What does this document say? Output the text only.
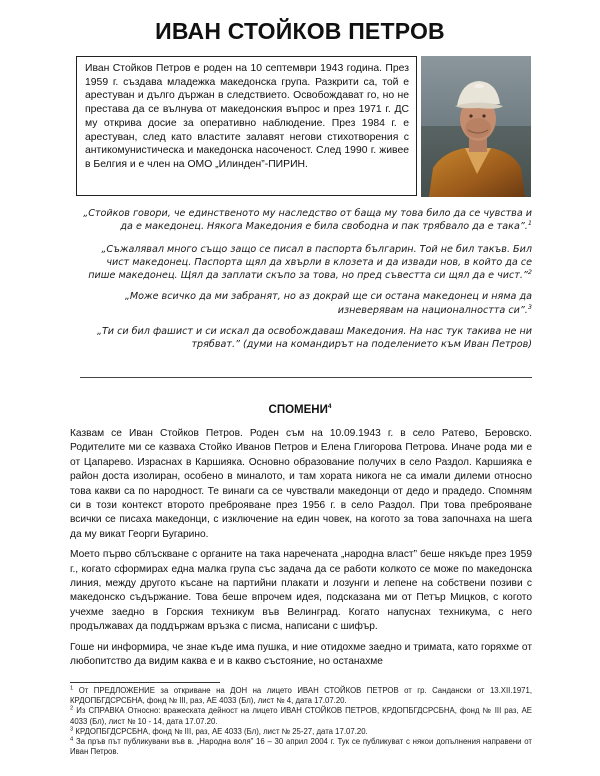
ИВАН СТОЙКОВ ПЕТРОВ
Иван Стойков Петров е роден на 10 септември 1943 година. През 1959 г. създава младежка македонска група. Разкрити са, той е арестуван и дълго държан в следствието. Освобождават го, но не престава да се вълнува от македонския въпрос и през 1971 г. ДС му открива досие за оперативно наблюдение. През 1984 г. е арестуван, след като властите залавят негови стихотворения с антикомунистическа и македонска насоченост. След 1990 г. живее в Белгия и е член на ОМО „Илинден”-ПИРИН.
„Стойков говори, че единственото му наследство от баща му това било да се чувства и да е македонец. Някога Македония е била свободна и пак трябвало да е така”.$^1$
„Съжалявал много също защо се писал в паспорта българин. Той не бил такъв. Бил чист македонец. Паспорта щял да хвърли в клозета и да извади нов, в който да се пише македонец. Щял да заплати скъпо за това, но пред съвестта си щял да е чист.”$^2$
„Може всичко да ми забранят, но аз докрай ще си остана македонец и няма да изневерявам на националността си”.$^3$
„Ти си бил фашист и си искал да освобождаваш Македония. На нас тук такива не ни трябват.” (думи на командирът на поделението към Иван Петров)
СПОМЕНИ$^4$

Казвам се Иван Стойков Петров. Роден съм на 10.09.1943 г. в село Ратево, Беровско. Родителите ми се казваха Стойко Иванов Петров и Елена Глигорова Петрова. Иначе рода ми е от Цапарево. Израснах в Каршияка. Основно образование получих в село Раздол. Каршияка е район доста изолиран, особено в миналото, и там хората никога не са имали дилеми относно това какви са по народност. Те винаги са се чувствали македонци от дедо и прадедо. Спомням си в този контекст второто преброяване през 1956 г. в село Раздол. При това преброяване всички се писаха македонци, с изключение на един човек, на когото за това започнаха на шега да му викат Георги Бугарино.

Моето първо сблъскване с органите на така наречената „народна власт” беше някъде през 1959 г., когато сформирах една малка група със задача да се работи колкото се може по македонска линия, между другото късане на партийни плакати и лозунги и лепене на собствени позиви с македонско съдържание. Това беше впрочем идея, подсказана ми от Петър Мицков, с когото учехме заедно в Горския техникум във Велинград. Когато напуснах техникума, с него продължавах да поддържам връзка с писма, написани с шифър.

Гоше ни информира, че знае къде има пушка, и ние отидохме заедно и тримата, като горяхме от любопитство да видим каква е и в какво състояние, но останахме

$^1$ От ПРЕДЛОЖЕНИЕ за откриване на ДОН на лицето ИВАН СТОЙКОВ ПЕТРОВ от гр. Сандански от 13.XII.1971, КРДОПБГДСРСБНА, фонд № III, раз, АЕ 4033 (Бл), лист № 4, дата 17.07.20.
$^2$ Из СПРАВКА Относно: вражеската дейност на лицето ИВАН СТОЙКОВ ПЕТРОВ, КРДОПБГДСРСБНА, фонд № III раз, АЕ 4033 (Бл), лист № 10 - 14, дата 17.07.20.
$^3$ КРДОПБГДСРСБНА, фонд № III, раз, АЕ 4033 (Бл), лист № 25-27, дата 17.07.20.
$^4$ За пръв път публикувани във в. „Народна воля” 16 – 30 април 2004 г. Тук се публикуват с някои допълнения направени от Иван Петров.
